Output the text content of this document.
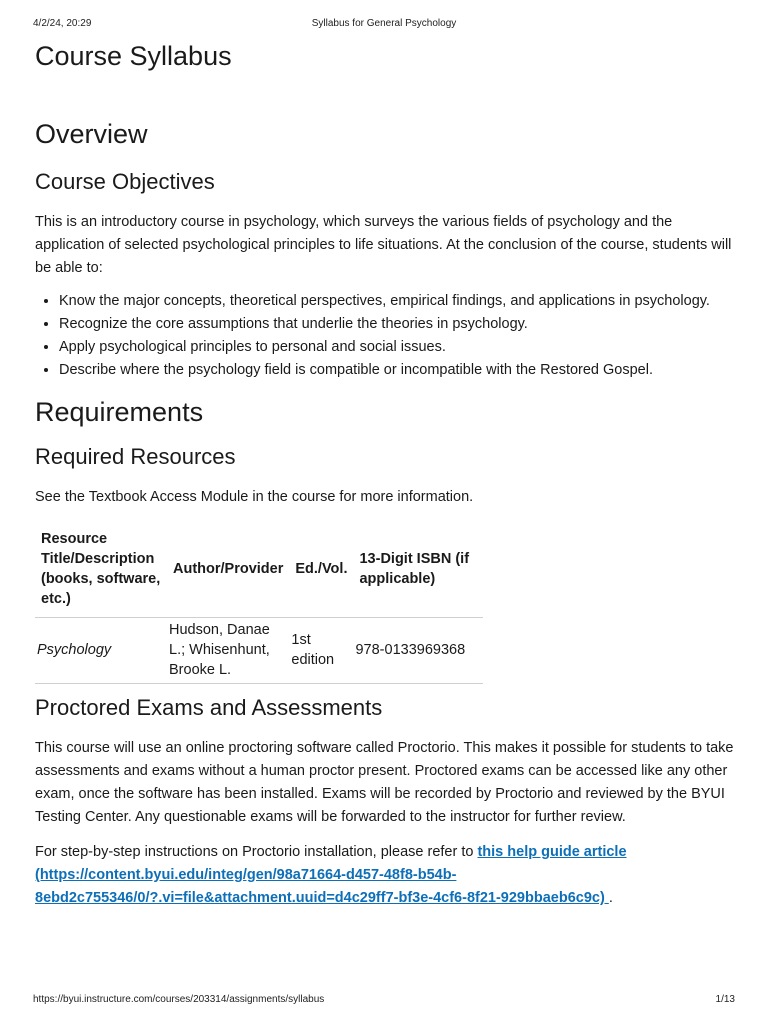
4/2/24, 20:29	Syllabus for General Psychology
Course Syllabus
Overview
Course Objectives

This is an introductory course in psychology, which surveys the various fields of psychology and the application of selected psychological principles to life situations. At the conclusion of the course, students will be able to:

• Know the major concepts, theoretical perspectives, empirical findings, and applications in psychology.
• Recognize the core assumptions that underlie the theories in psychology.
• Apply psychological principles to personal and social issues.
• Describe where the psychology field is compatible or incompatible with the Restored Gospel.
Requirements
Required Resources

See the Textbook Access Module in the course for more information.

Resource Title/Description (books, software, etc.)	Author/Provider	Ed./Vol.	13-Digit ISBN (if applicable)
Psychology	Hudson, Danae L.; Whisenhunt, Brooke L.	1st edition	978-0133969368
Proctored Exams and Assessments

This course will use an online proctoring software called Proctorio. This makes it possible for students to take assessments and exams without a human proctor present. Proctored exams can be accessed like any other exam, once the software has been installed. Exams will be recorded by Proctorio and reviewed by the BYUI Testing Center. Any questionable exams will be forwarded to the instructor for further review.

For step-by-step instructions on Proctorio installation, please refer to this help guide article (https://content.byui.edu/integ/gen/98a71664-d457-48f8-b54b-8ebd2c755346/0/?.vi=file&attachment.uuid=d4c29ff7-bf3e-4cf6-8f21-929bbaeb6c9c) .

https://byui.instructure.com/courses/203314/assignments/syllabus	1/13
